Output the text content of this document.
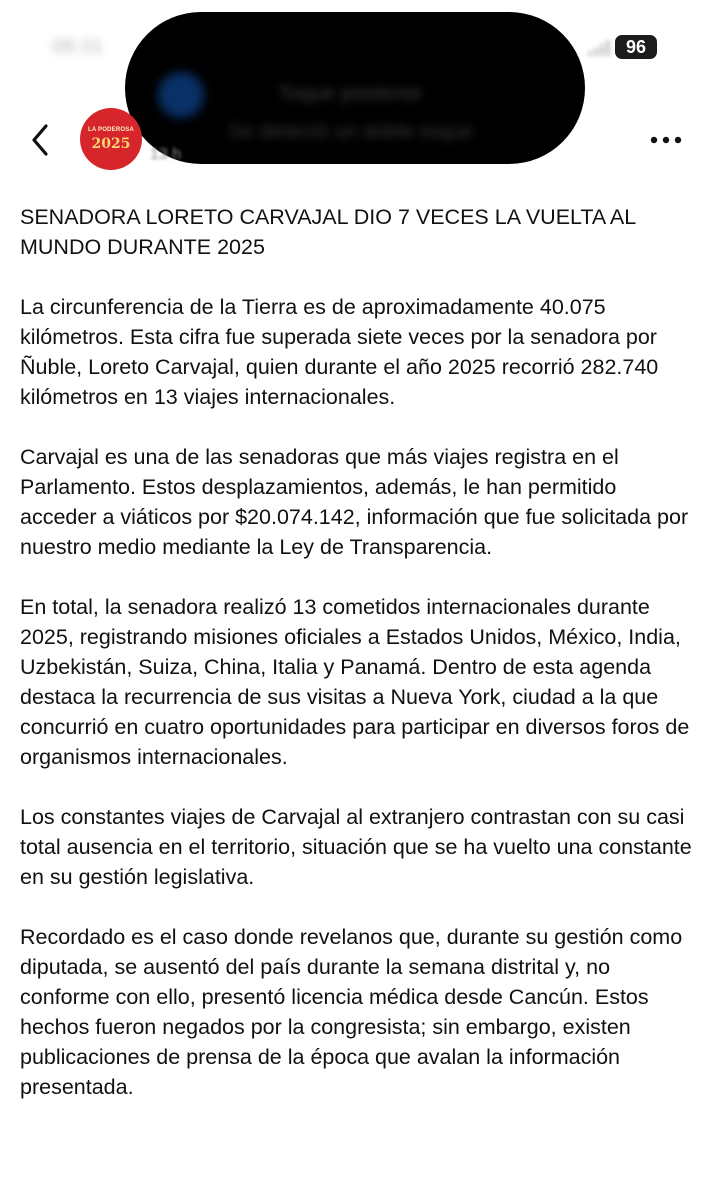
08:31	96
Toque posterior
Se detectó un doble toque
LA PODEROSA
2025
13 h
SENADORA LORETO CARVAJAL DIO 7 VECES LA VUELTA AL MUNDO DURANTE 2025

La circunferencia de la Tierra es de aproximadamente 40.075 kilómetros. Esta cifra fue superada siete veces por la senadora por Ñuble, Loreto Carvajal, quien durante el año 2025 recorrió 282.740 kilómetros en 13 viajes internacionales.

Carvajal es una de las senadoras que más viajes registra en el Parlamento. Estos desplazamientos, además, le han permitido acceder a viáticos por $20.074.142, información que fue solicitada por nuestro medio mediante la Ley de Transparencia.

En total, la senadora realizó 13 cometidos internacionales durante 2025, registrando misiones oficiales a Estados Unidos, México, India, Uzbekistán, Suiza, China, Italia y Panamá. Dentro de esta agenda destaca la recurrencia de sus visitas a Nueva York, ciudad a la que concurrió en cuatro oportunidades para participar en diversos foros de organismos internacionales.

Los constantes viajes de Carvajal al extranjero contrastan con su casi total ausencia en el territorio, situación que se ha vuelto una constante en su gestión legislativa.

Recordado es el caso donde revelanos que, durante su gestión como diputada, se ausentó del país durante la semana distrital y, no conforme con ello, presentó licencia médica desde Cancún. Estos hechos fueron negados por la congresista; sin embargo, existen publicaciones de prensa de la época que avalan la información presentada.
